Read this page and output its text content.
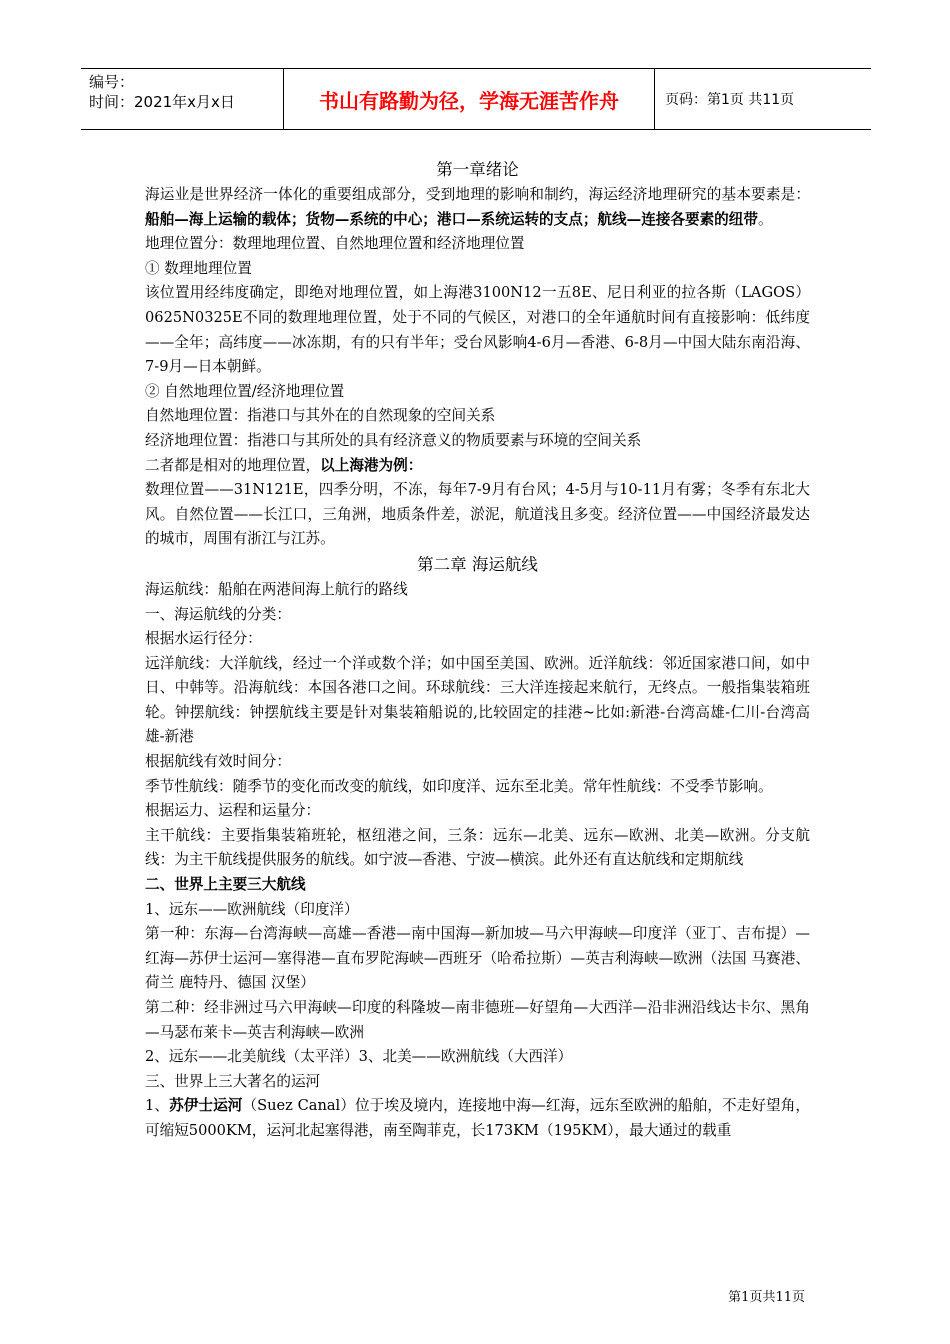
编号：
时间：2021年x月x日	书山有路勤为径，学海无涯苦作舟	页码：第1页 共11页
第一章绪论

海运业是世界经济一体化的重要组成部分，受到地理的影响和制约，海运经济地理研究的基本要素是：船舶—海上运输的载体；货物—系统的中心；港口—系统运转的支点；航线—连接各要素的纽带。

地理位置分：数理地理位置、自然地理位置和经济地理位置

① 数理地理位置

该位置用经纬度确定，即绝对地理位置，如上海港3100N12一五8E、尼日利亚的拉各斯（LAGOS）0625N0325E不同的数理地理位置，处于不同的气候区，对港口的全年通航时间有直接影响：低纬度——全年；高纬度——冰冻期，有的只有半年；受台风影响4-6月—香港、6-8月—中国大陆东南沿海、7-9月—日本朝鲜。

② 自然地理位置/经济地理位置

自然地理位置：指港口与其外在的自然现象的空间关系

经济地理位置：指港口与其所处的具有经济意义的物质要素与环境的空间关系

二者都是相对的地理位置，以上海港为例：

数理位置——31N121E，四季分明，不冻，每年7-9月有台风；4-5月与10-11月有雾；冬季有东北大风。自然位置——长江口，三角洲，地质条件差，淤泥，航道浅且多变。经济位置——中国经济最发达的城市，周围有浙江与江苏。

第二章 海运航线

海运航线：船舶在两港间海上航行的路线

一、海运航线的分类：

根据水运行径分：

远洋航线：大洋航线，经过一个洋或数个洋；如中国至美国、欧洲。近洋航线：邻近国家港口间，如中日、中韩等。沿海航线：本国各港口之间。环球航线：三大洋连接起来航行，无终点。一般指集装箱班轮。钟摆航线：钟摆航线主要是针对集装箱船说的,比较固定的挂港~比如:新港-台湾高雄-仁川-台湾高雄-新港

根据航线有效时间分：

季节性航线：随季节的变化而改变的航线，如印度洋、远东至北美。常年性航线：不受季节影响。

根据运力、运程和运量分：

主干航线：主要指集装箱班轮，枢纽港之间，三条：远东—北美、远东—欧洲、北美—欧洲。分支航线：为主干航线提供服务的航线。如宁波—香港、宁波—横滨。此外还有直达航线和定期航线

二、世界上主要三大航线

1、远东——欧洲航线（印度洋）

第一种：东海—台湾海峡—高雄—香港—南中国海—新加坡—马六甲海峡—印度洋（亚丁、吉布提）—红海—苏伊士运河—塞得港—直布罗陀海峡—西班牙（哈希拉斯）—英吉利海峡—欧洲（法国 马赛港、荷兰 鹿特丹、德国 汉堡）

第二种：经非洲过马六甲海峡—印度的科隆坡—南非德班—好望角—大西洋—沿非洲沿线达卡尔、黑角—马瑟布莱卡—英吉利海峡—欧洲

2、远东——北美航线（太平洋）3、北美——欧洲航线（大西洋）

三、世界上三大著名的运河

1、苏伊士运河（Suez Canal）位于埃及境内，连接地中海—红海，远东至欧洲的船舶，不走好望角，可缩短5000KM，运河北起塞得港，南至陶菲克，长173KM（195KM），最大通过的载重

第1页共11页
